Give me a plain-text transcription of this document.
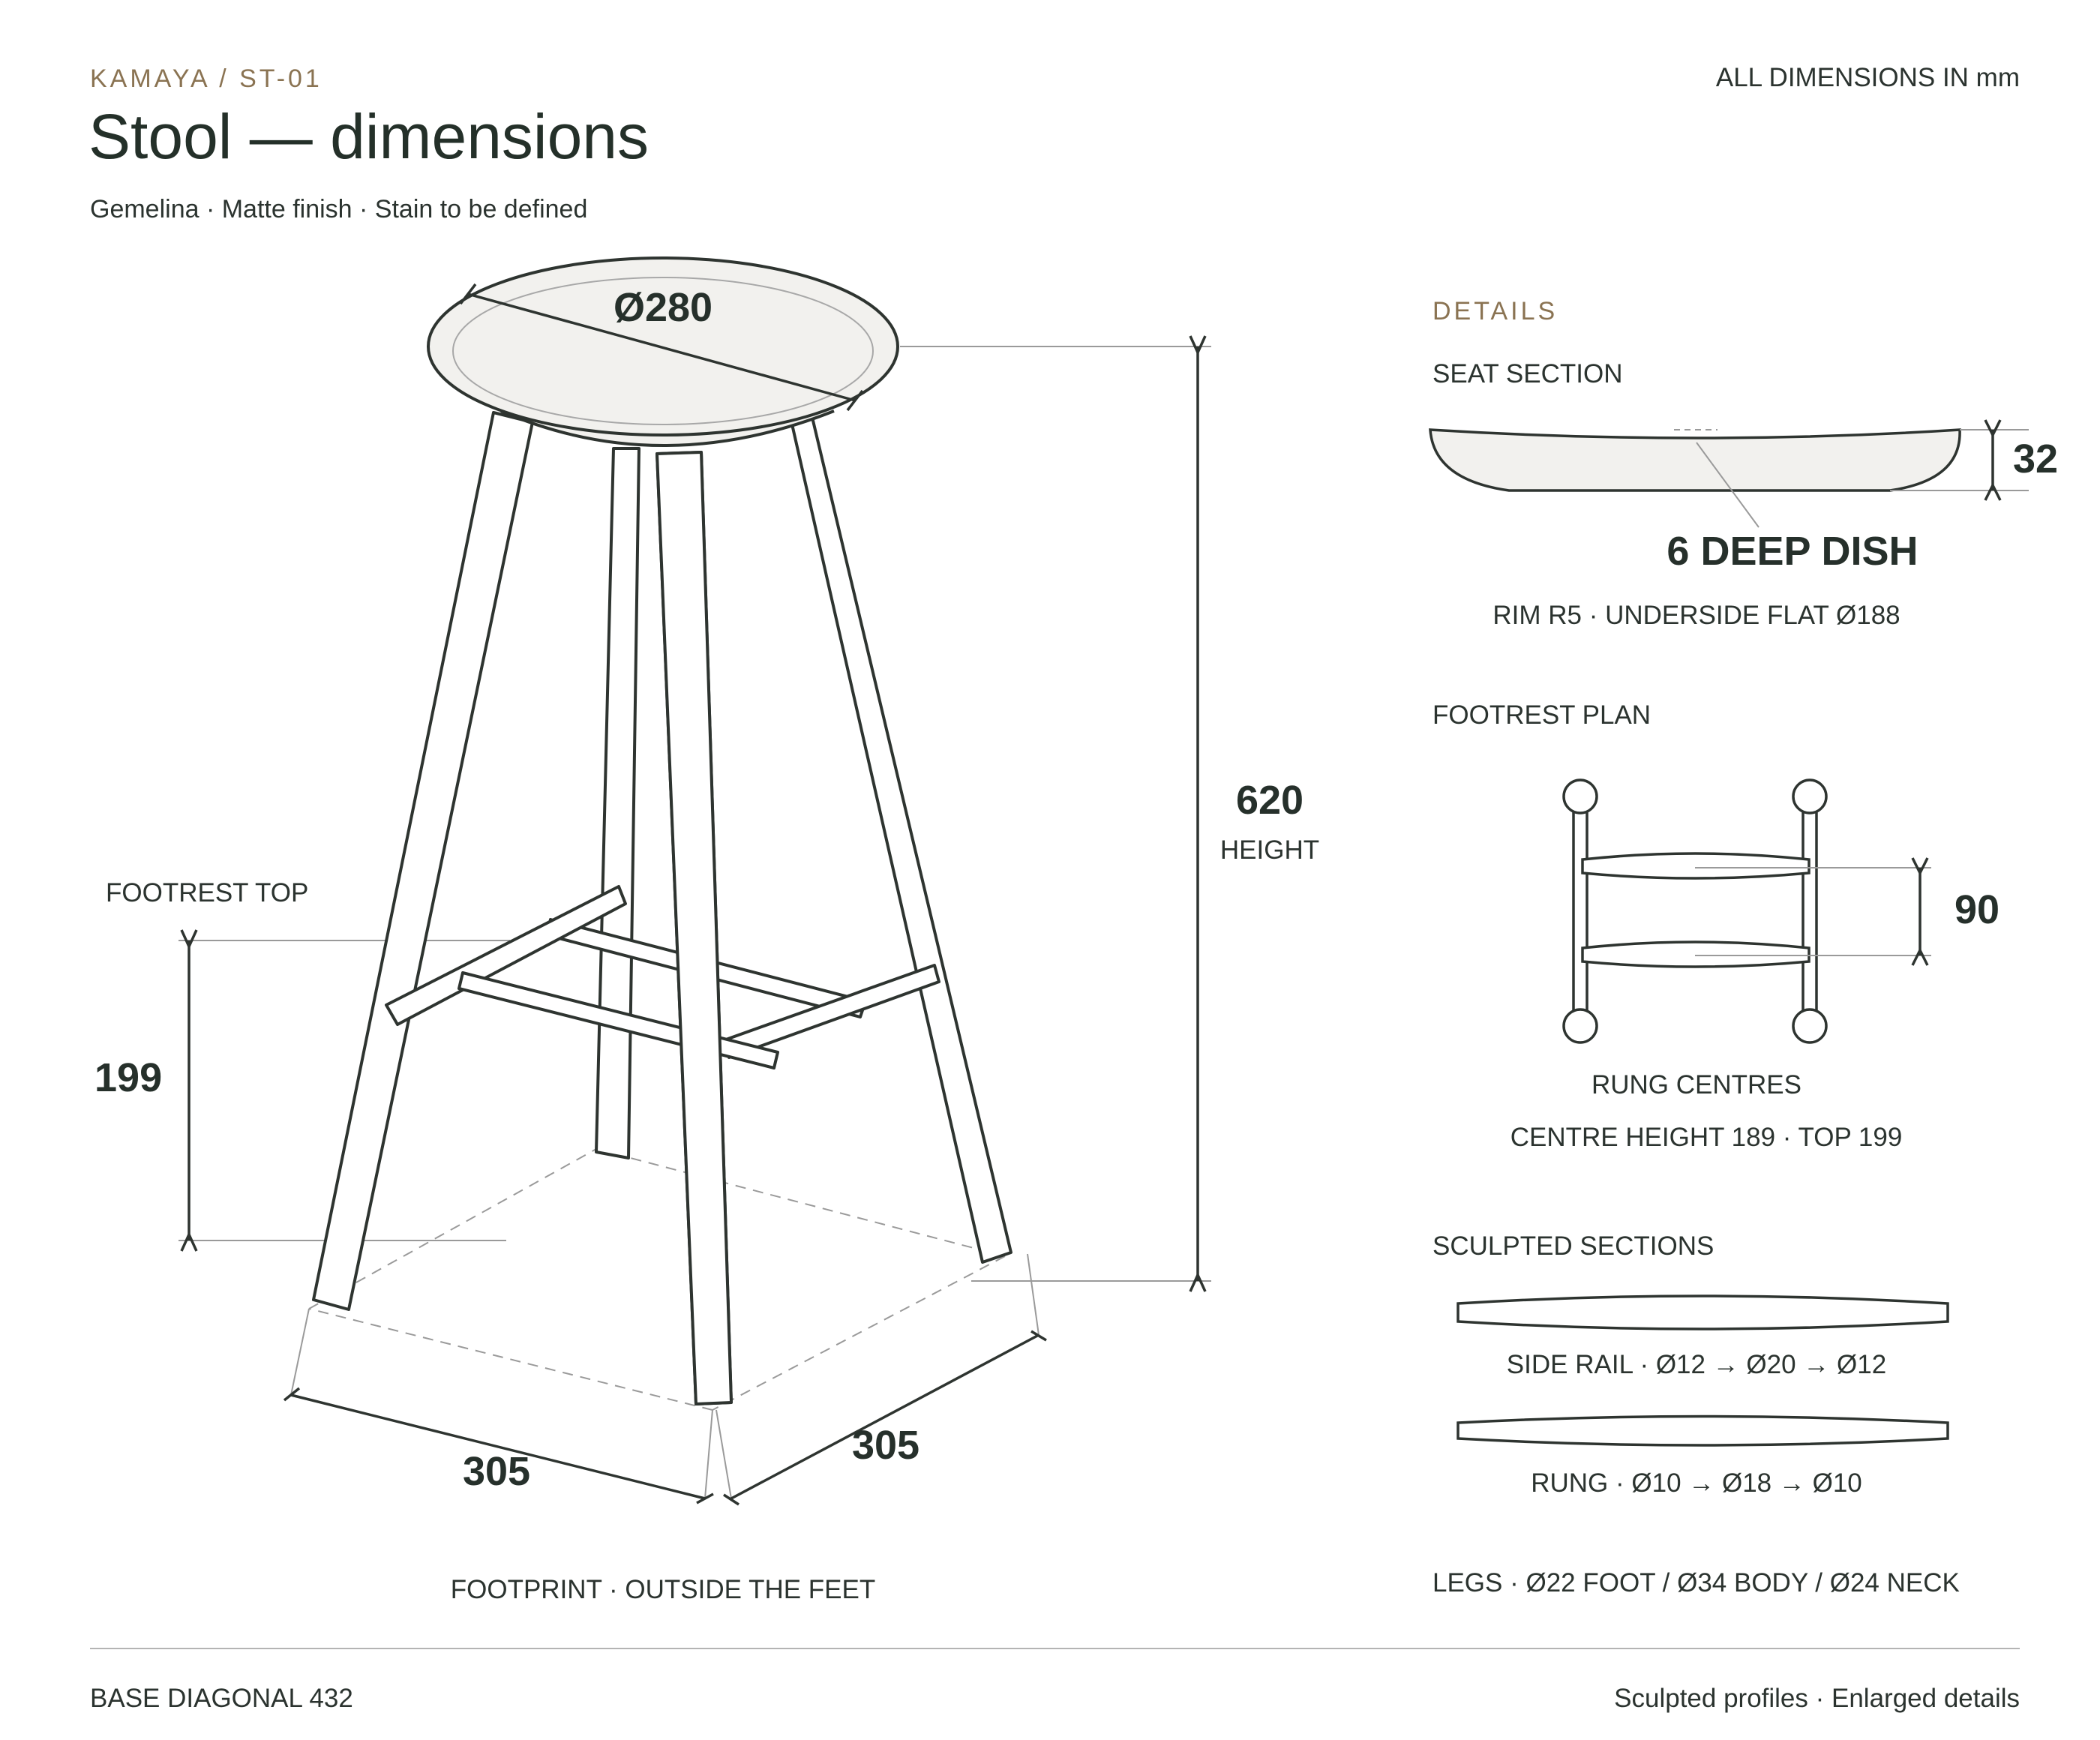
KAMAYA / ST-01
Stool — dimensions
Gemelina · Matte finish · Stain to be defined
ALL DIMENSIONS IN mm
Ø280
620
HEIGHT
FOOTREST TOP
199
305
305
FOOTPRINT · OUTSIDE THE FEET
DETAILS
SEAT SECTION
32
6 DEEP DISH
RIM R5 · UNDERSIDE FLAT Ø188
FOOTREST PLAN
90
RUNG CENTRES
CENTRE HEIGHT 189 · TOP 199
SCULPTED SECTIONS
SIDE RAIL · Ø12 → Ø20 → Ø12
RUNG · Ø10 → Ø18 → Ø10
LEGS · Ø22 FOOT / Ø34 BODY / Ø24 NECK
BASE DIAGONAL 432	Sculpted profiles · Enlarged details
